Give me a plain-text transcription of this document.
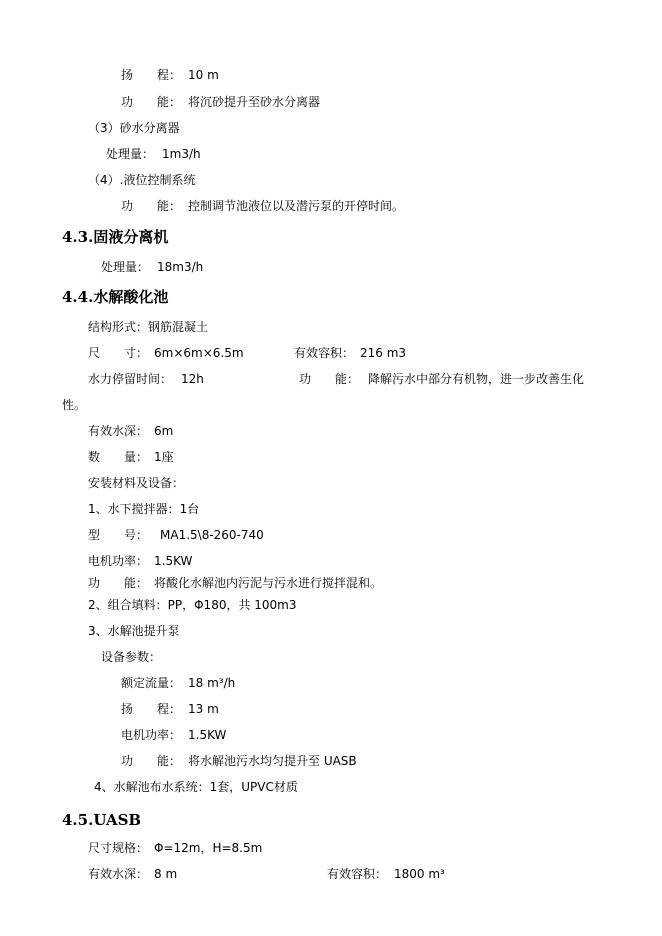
扬　　程： 10 m
功　　能： 将沉砂提升至砂水分离器
（3）砂水分离器
处理量： 1m3/h
（4）.液位控制系统
功　　能： 控制调节池液位以及潜污泵的开停时间。
4.3.固液分离机
处理量： 18m3/h
4.4.水解酸化池
结构形式：钢筋混凝土
尺　　寸： 6m×6m×6.5m	有效容积： 216 m3
水力停留时间： 12h	功　　能： 降解污水中部分有机物，进一步改善生化
性。
有效水深： 6m
数　　量： 1座
安装材料及设备：
1、水下搅拌器：1台
型　　号： MA1.5\8-260-740
电机功率： 1.5KW
功　　能： 将酸化水解池内污泥与污水进行搅拌混和。
2、组合填料：PP，Φ180，共 100m3
3、水解池提升泵
设备参数：
额定流量： 18 m³/h
扬　　程： 13 m
电机功率： 1.5KW
功　　能： 将水解池污水均匀提升至 UASB
4、水解池布水系统：1套，UPVC材质
4.5.UASB
尺寸规格： Φ=12m，H=8.5m
有效水深： 8 m	有效容积： 1800 m³
